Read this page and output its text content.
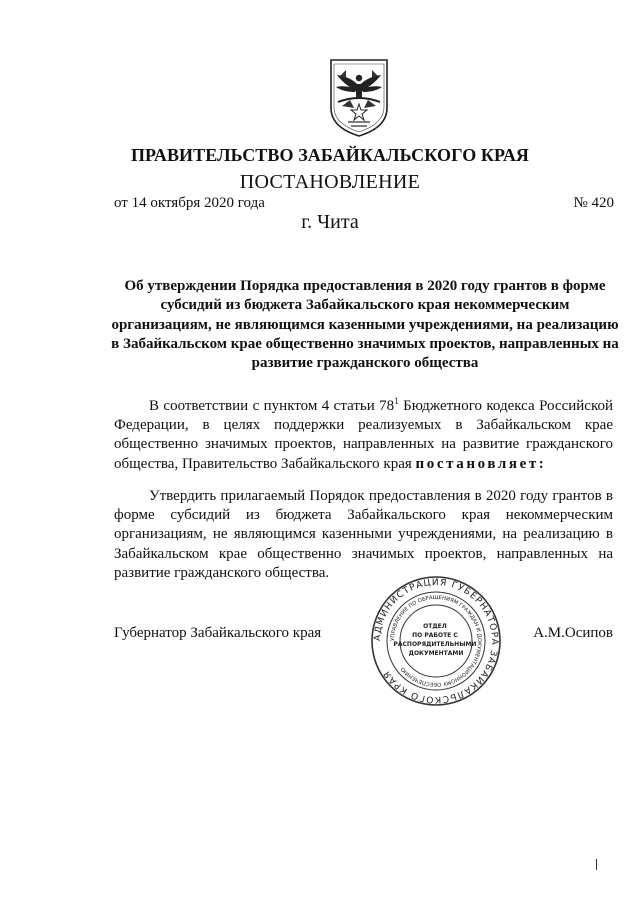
ПРАВИТЕЛЬСТВО ЗАБАЙКАЛЬСКОГО КРАЯ
ПОСТАНОВЛЕНИЕ
от 14 октября 2020 года	№ 420
г. Чита
Об утверждении Порядка предоставления в 2020 году грантов в форме субсидий из бюджета Забайкальского края некоммерческим организациям, не являющимся казенными учреждениями, на реализацию в Забайкальском крае общественно значимых проектов, направленных на развитие гражданского общества
В соответствии с пунктом 4 статьи $78^1$ Бюджетного кодекса Российской Федерации, в целях поддержки реализуемых в Забайкальском крае общественно значимых проектов, направленных на развитие гражданского общества, Правительство Забайкальского края постановляет:
Утвердить прилагаемый Порядок предоставления в 2020 году грантов в форме субсидий из бюджета Забайкальского края некоммерческим организациям, не являющимся казенными учреждениями, на реализацию в Забайкальском крае общественно значимых проектов, направленных на развитие гражданского общества.
Губернатор Забайкальского края	А.М.Осипов
АДМИНИСТРАЦИЯ ГУБЕРНАТОРА ЗАБАЙКАЛЬСКОГО КРАЯ
УПРАВЛЕНИЕ ПО ОБРАЩЕНИЯМ ГРАЖДАН И ДОКУМЕНТАЦИОННОМУ ОБЕСПЕЧЕНИЮ
ОТДЕЛ ПО РАБОТЕ С РАСПОРЯДИТЕЛЬНЫМИ ДОКУМЕНТАМИ
